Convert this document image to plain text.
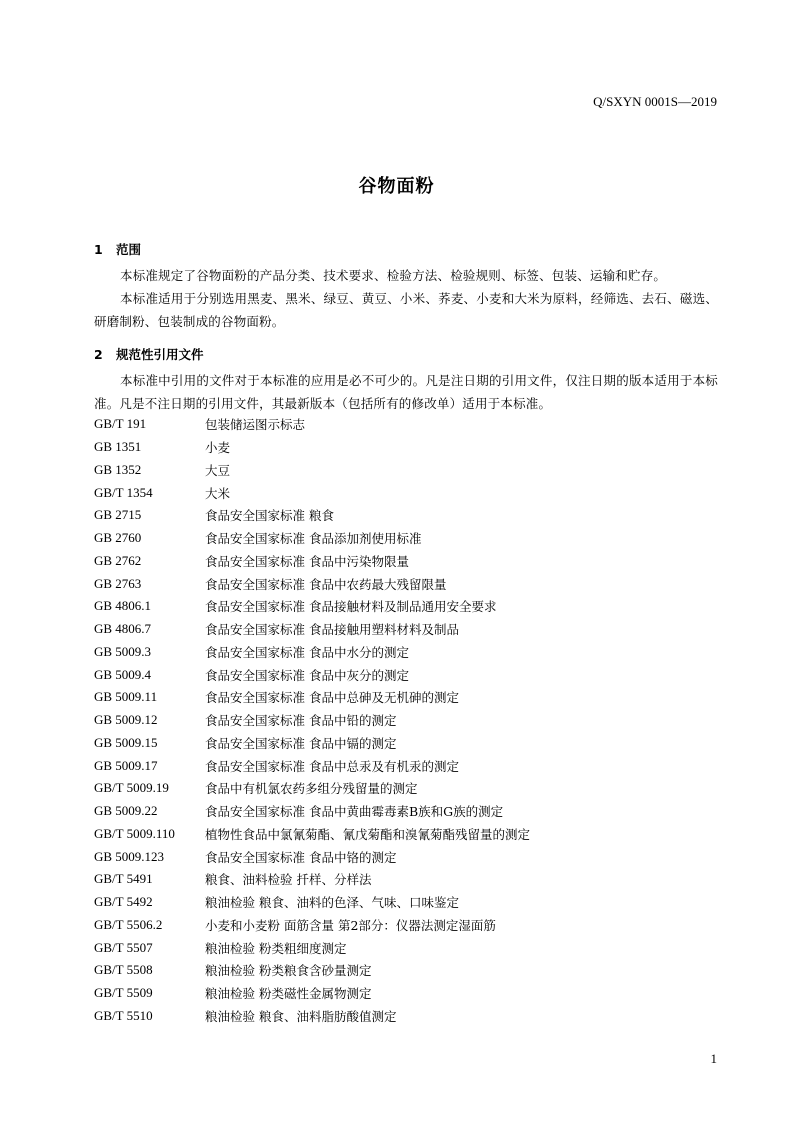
Q/SXYN 0001S—2019
谷物面粉
1 范围

本标准规定了谷物面粉的产品分类、技术要求、检验方法、检验规则、标签、包装、运输和贮存。

本标准适用于分别选用黑麦、黑米、绿豆、黄豆、小米、荞麦、小麦和大米为原料，经筛选、去石、磁选、研磨制粉、包装制成的谷物面粉。

2 规范性引用文件

本标准中引用的文件对于本标准的应用是必不可少的。凡是注日期的引用文件，仅注日期的版本适用于本标准。凡是不注日期的引用文件，其最新版本（包括所有的修改单）适用于本标准。

GB/T 191	包装储运图示标志
GB 1351	小麦
GB 1352	大豆
GB/T 1354	大米
GB 2715	食品安全国家标准 粮食
GB 2760	食品安全国家标准 食品添加剂使用标准
GB 2762	食品安全国家标准 食品中污染物限量
GB 2763	食品安全国家标准 食品中农药最大残留限量
GB 4806.1	食品安全国家标准 食品接触材料及制品通用安全要求
GB 4806.7	食品安全国家标准 食品接触用塑料材料及制品
GB 5009.3	食品安全国家标准 食品中水分的测定
GB 5009.4	食品安全国家标准 食品中灰分的测定
GB 5009.11	食品安全国家标准 食品中总砷及无机砷的测定
GB 5009.12	食品安全国家标准 食品中铅的测定
GB 5009.15	食品安全国家标准 食品中镉的测定
GB 5009.17	食品安全国家标准 食品中总汞及有机汞的测定
GB/T 5009.19	食品中有机氯农药多组分残留量的测定
GB 5009.22	食品安全国家标准 食品中黄曲霉毒素B族和G族的测定
GB/T 5009.110	植物性食品中氯氰菊酯、氰戊菊酯和溴氰菊酯残留量的测定
GB 5009.123	食品安全国家标准 食品中铬的测定
GB/T 5491	粮食、油料检验 扦样、分样法
GB/T 5492	粮油检验 粮食、油料的色泽、气味、口味鉴定
GB/T 5506.2	小麦和小麦粉 面筋含量 第2部分：仪器法测定湿面筋
GB/T 5507	粮油检验 粉类粗细度测定
GB/T 5508	粮油检验 粉类粮食含砂量测定
GB/T 5509	粮油检验 粉类磁性金属物测定
GB/T 5510	粮油检验 粮食、油料脂肪酸值测定
1
